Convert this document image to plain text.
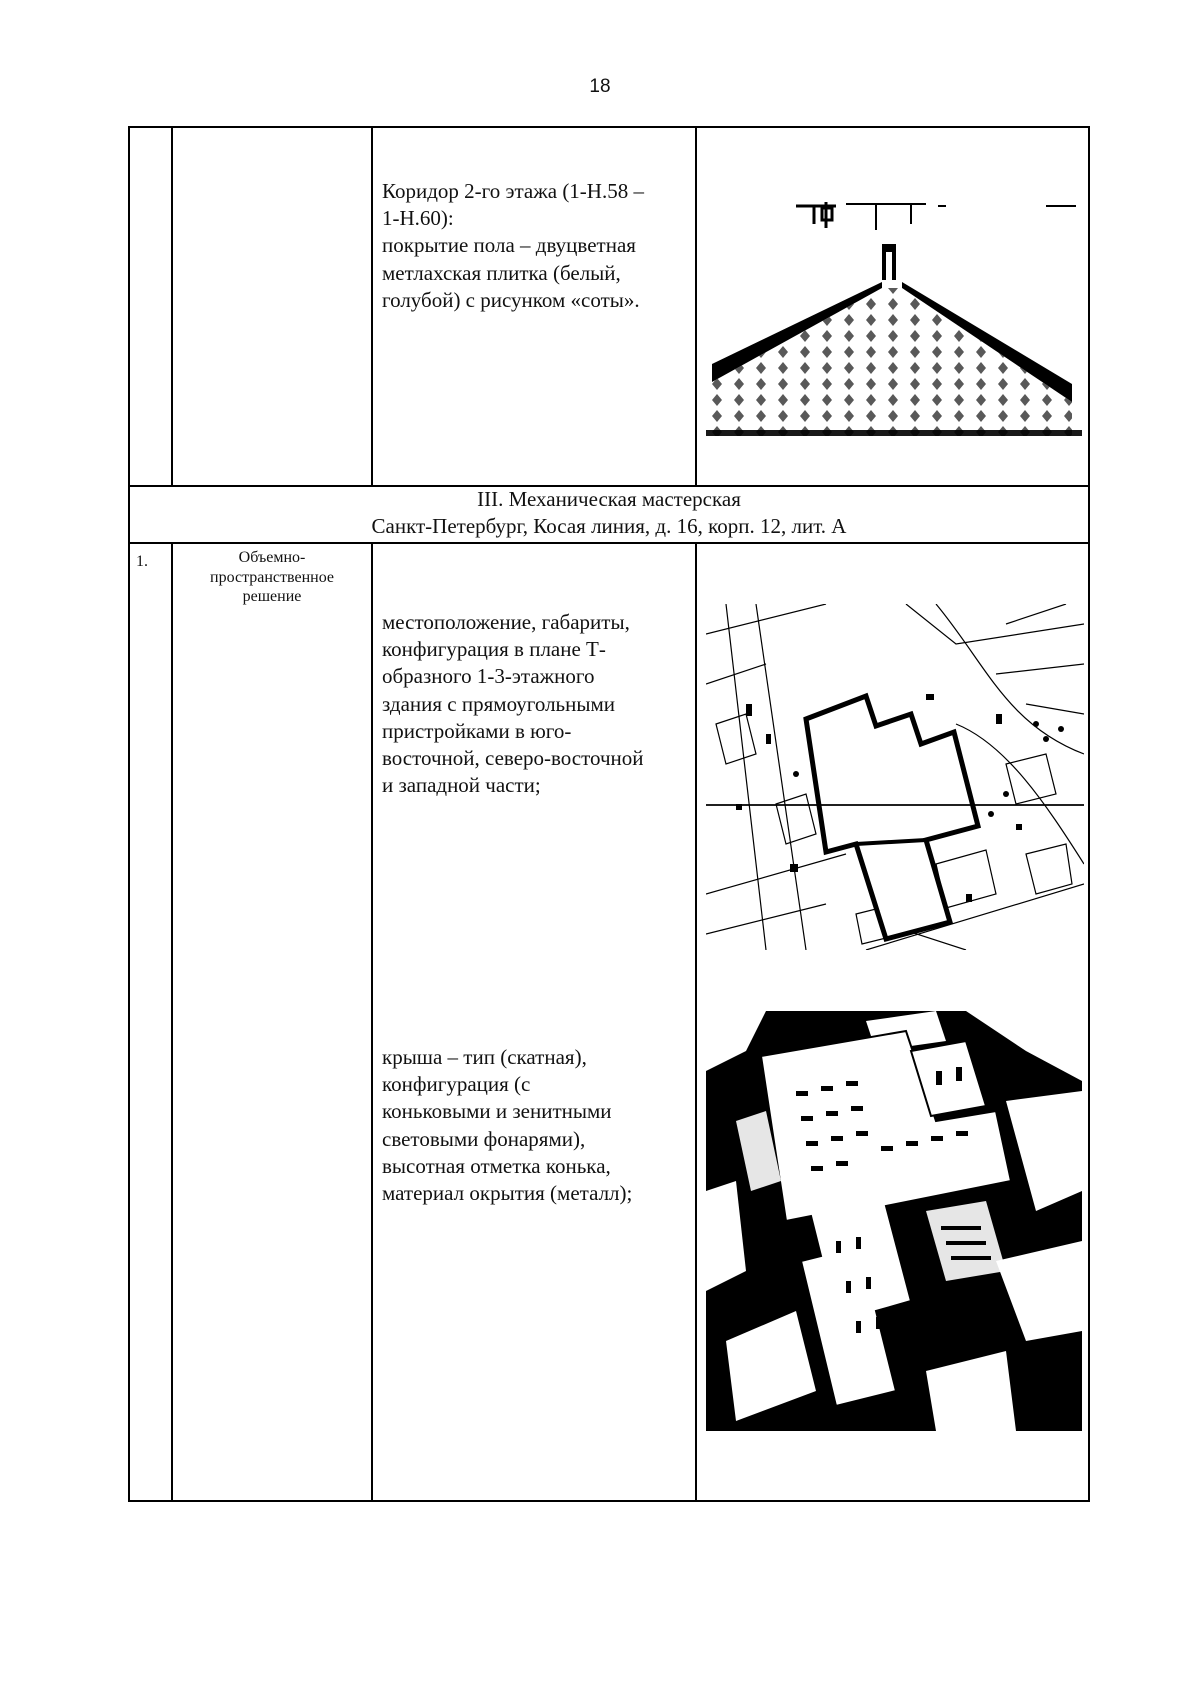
18
Коридор 2-го этажа (1-Н.58 –
1-Н.60):
покрытие пола – двуцветная
метлахская плитка (белый,
голубой) с рисунком «соты».
III. Механическая мастерская
Санкт-Петербург, Косая линия, д. 16, корп. 12, лит. А
1.	Объемно-
пространственное
решение
местоположение, габариты,
конфигурация в плане Т-
образного 1-3-этажного
здания с прямоугольными
пристройками в юго-
восточной, северо-восточной
и западной части;
крыша – тип (скатная),
конфигурация (с
коньковыми и зенитными
световыми фонарями),
высотная отметка конька,
материал окрытия (металл);
